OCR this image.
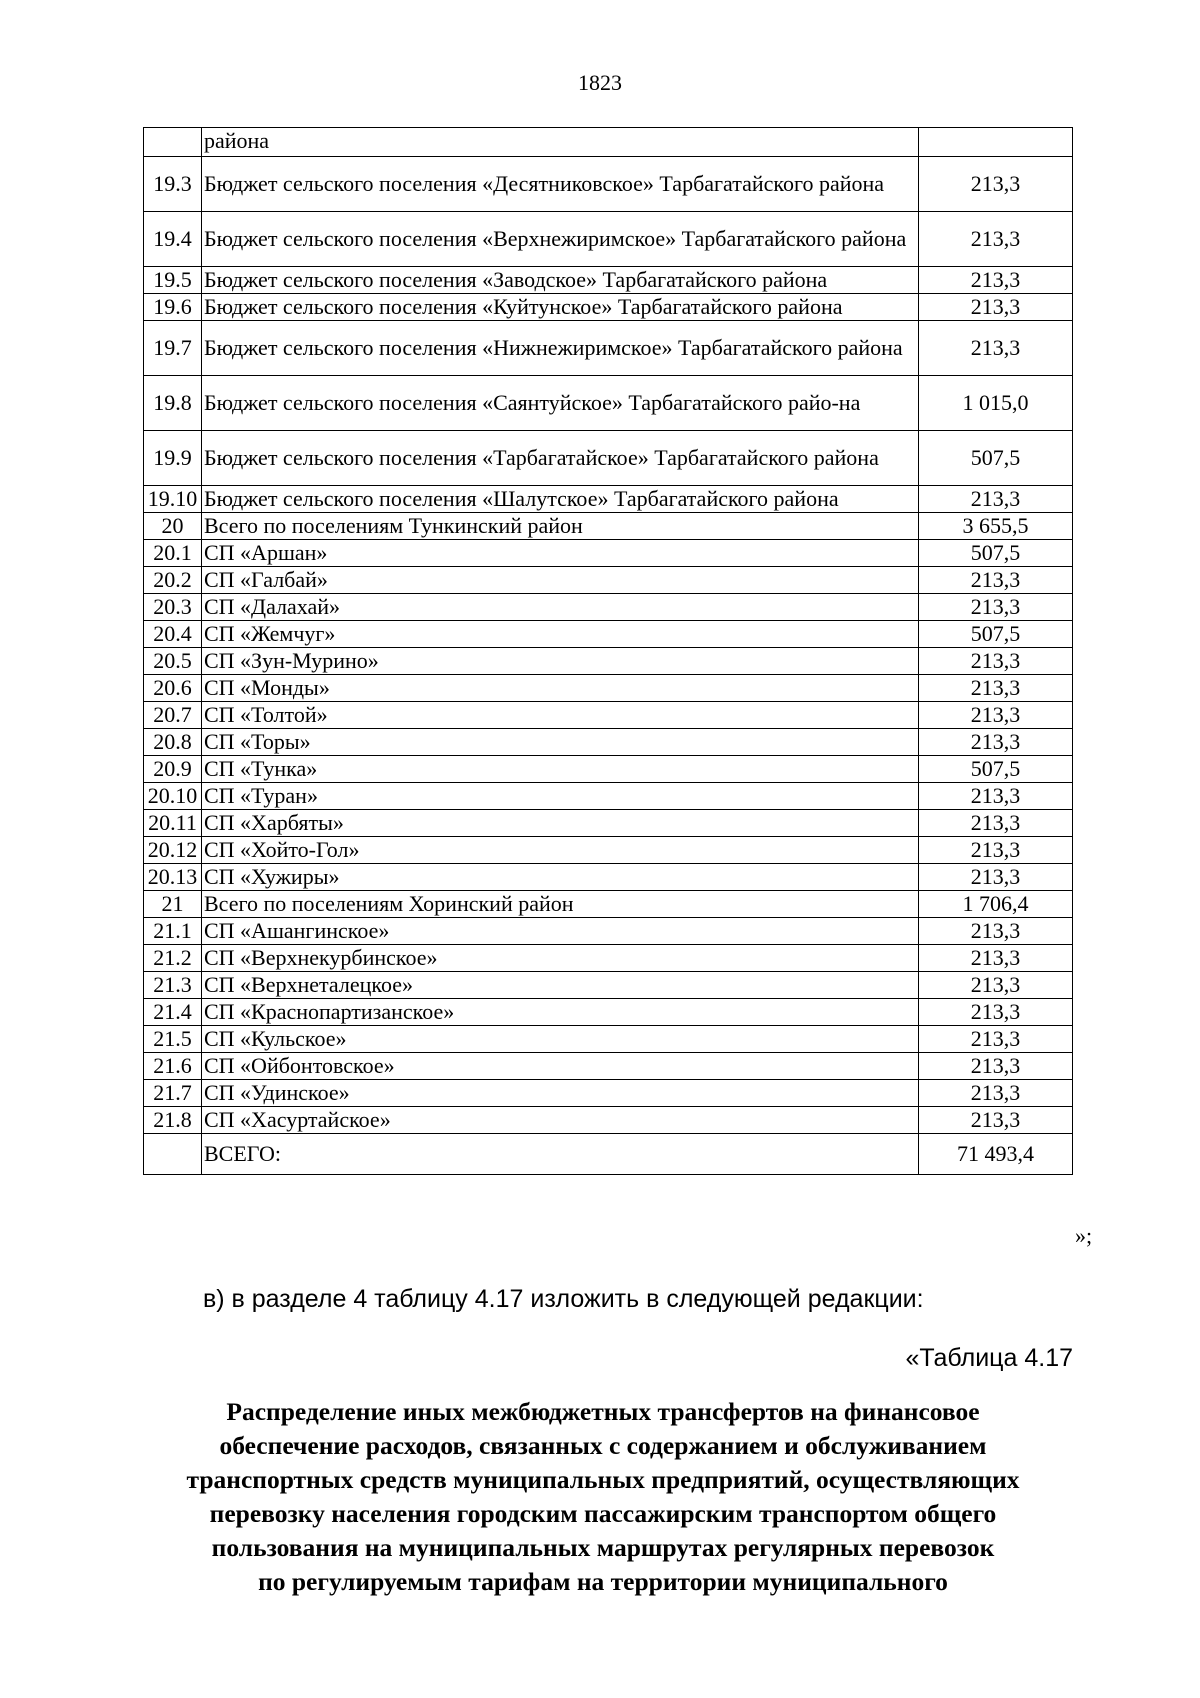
1823
	района	
19.3	Бюджет сельского поселения «Десятниковское» Тарбагатайского района	213,3
19.4	Бюджет сельского поселения «Верхнежиримское» Тарбагатайского района	213,3
19.5	Бюджет сельского поселения «Заводское» Тарбагатайского района	213,3
19.6	Бюджет сельского поселения «Куйтунское» Тарбагатайского района	213,3
19.7	Бюджет сельского поселения «Нижнежиримское» Тарбагатайского района	213,3
19.8	Бюджет сельского поселения «Саянтуйское» Тарбагатайского райо-на	1 015,0
19.9	Бюджет сельского поселения «Тарбагатайское» Тарбагатайского района	507,5
19.10	Бюджет сельского поселения «Шалутское» Тарбагатайского района	213,3
20	Всего по поселениям Тункинский район	3 655,5
20.1	СП «Аршан»	507,5
20.2	СП «Галбай»	213,3
20.3	СП «Далахай»	213,3
20.4	СП «Жемчуг»	507,5
20.5	СП «Зун-Мурино»	213,3
20.6	СП «Монды»	213,3
20.7	СП «Толтой»	213,3
20.8	СП «Торы»	213,3
20.9	СП «Тунка»	507,5
20.10	СП «Туран»	213,3
20.11	СП «Харбяты»	213,3
20.12	СП «Хойто-Гол»	213,3
20.13	СП «Хужиры»	213,3
21	Всего по поселениям Хоринский район	1 706,4
21.1	СП «Ашангинское»	213,3
21.2	СП «Верхнекурбинское»	213,3
21.3	СП «Верхнеталецкое»	213,3
21.4	СП «Краснопартизанское»	213,3
21.5	СП «Кульское»	213,3
21.6	СП «Ойбонтовское»	213,3
21.7	СП «Удинское»	213,3
21.8	СП «Хасуртайское»	213,3
	ВСЕГО:	71 493,4
»;
в) в разделе 4 таблицу 4.17 изложить в следующей редакции:
«Таблица 4.17
Распределение иных межбюджетных трансфертов на финансовое
обеспечение расходов, связанных с содержанием и обслуживанием
транспортных средств муниципальных предприятий, осуществляющих
перевозку населения городским пассажирским транспортом общего
пользования на муниципальных маршрутах регулярных перевозок
по регулируемым тарифам на территории муниципального
